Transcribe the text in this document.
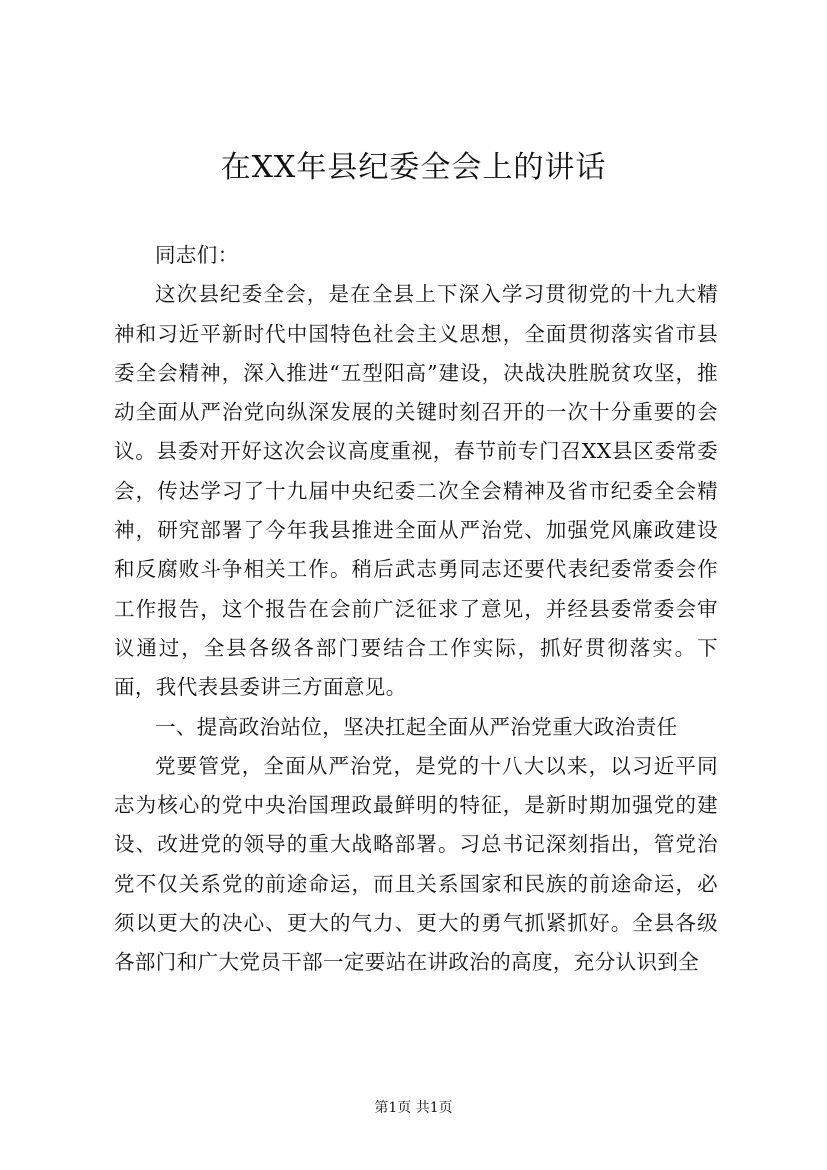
在XX年县纪委全会上的讲话

同志们：

这次县纪委全会，是在全县上下深入学习贯彻党的十九大精神和习近平新时代中国特色社会主义思想，全面贯彻落实省市县委全会精神，深入推进“五型阳高”建设，决战决胜脱贫攻坚，推动全面从严治党向纵深发展的关键时刻召开的一次十分重要的会议。县委对开好这次会议高度重视，春节前专门召XX县区委常委会，传达学习了十九届中央纪委二次全会精神及省市纪委全会精神，研究部署了今年我县推进全面从严治党、加强党风廉政建设和反腐败斗争相关工作。稍后武志勇同志还要代表纪委常委会作工作报告，这个报告在会前广泛征求了意见，并经县委常委会审议通过，全县各级各部门要结合工作实际，抓好贯彻落实。下面，我代表县委讲三方面意见。

一、提高政治站位，坚决扛起全面从严治党重大政治责任

党要管党，全面从严治党，是党的十八大以来，以习近平同志为核心的党中央治国理政最鲜明的特征，是新时期加强党的建设、改进党的领导的重大战略部署。习总书记深刻指出，管党治党不仅关系党的前途命运，而且关系国家和民族的前途命运，必须以更大的决心、更大的气力、更大的勇气抓紧抓好。全县各级各部门和广大党员干部一定要站在讲政治的高度，充分认识到全

第1页 共1页
